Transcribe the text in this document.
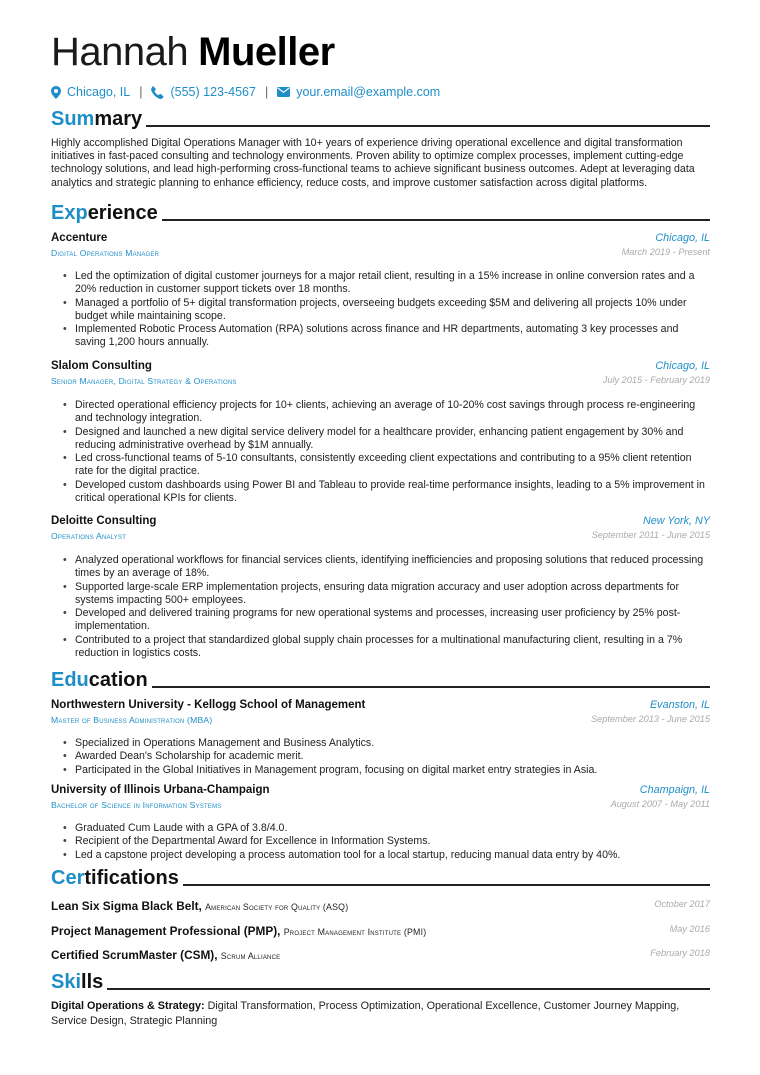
Hannah Mueller
Chicago, IL | (555) 123-4567 | your.email@example.com
Summary
Highly accomplished Digital Operations Manager with 10+ years of experience driving operational excellence and digital transformation initiatives in fast-paced consulting and technology environments. Proven ability to optimize complex processes, implement cutting-edge technology solutions, and lead high-performing cross-functional teams to achieve significant business outcomes. Adept at leveraging data analytics and strategic planning to enhance efficiency, reduce costs, and improve customer satisfaction across digital platforms.
Experience
Accenture	Chicago, IL
Digital Operations Manager	March 2019 - Present
• Led the optimization of digital customer journeys for a major retail client, resulting in a 15% increase in online conversion rates and a 20% reduction in customer support tickets over 18 months.
• Managed a portfolio of 5+ digital transformation projects, overseeing budgets exceeding $5M and delivering all projects 10% under budget while maintaining scope.
• Implemented Robotic Process Automation (RPA) solutions across finance and HR departments, automating 3 key processes and saving 1,200 hours annually.
Slalom Consulting	Chicago, IL
Senior Manager, Digital Strategy & Operations	July 2015 - February 2019
• Directed operational efficiency projects for 10+ clients, achieving an average of 10-20% cost savings through process re-engineering and technology integration.
• Designed and launched a new digital service delivery model for a healthcare provider, enhancing patient engagement by 30% and reducing administrative overhead by $1M annually.
• Led cross-functional teams of 5-10 consultants, consistently exceeding client expectations and contributing to a 95% client retention rate for the digital practice.
• Developed custom dashboards using Power BI and Tableau to provide real-time performance insights, leading to a 5% improvement in critical operational KPIs for clients.
Deloitte Consulting	New York, NY
Operations Analyst	September 2011 - June 2015
• Analyzed operational workflows for financial services clients, identifying inefficiencies and proposing solutions that reduced processing times by an average of 18%.
• Supported large-scale ERP implementation projects, ensuring data migration accuracy and user adoption across departments for systems impacting 500+ employees.
• Developed and delivered training programs for new operational systems and processes, increasing user proficiency by 25% post-implementation.
• Contributed to a project that standardized global supply chain processes for a multinational manufacturing client, resulting in a 7% reduction in logistics costs.
Education
Northwestern University - Kellogg School of Management	Evanston, IL
Master of Business Administration (MBA)	September 2013 - June 2015
• Specialized in Operations Management and Business Analytics.
• Awarded Dean's Scholarship for academic merit.
• Participated in the Global Initiatives in Management program, focusing on digital market entry strategies in Asia.
University of Illinois Urbana-Champaign	Champaign, IL
Bachelor of Science in Information Systems	August 2007 - May 2011
• Graduated Cum Laude with a GPA of 3.8/4.0.
• Recipient of the Departmental Award for Excellence in Information Systems.
• Led a capstone project developing a process automation tool for a local startup, reducing manual data entry by 40%.
Certifications
Lean Six Sigma Black Belt, American Society for Quality (ASQ)	October 2017
Project Management Professional (PMP), Project Management Institute (PMI)	May 2016
Certified ScrumMaster (CSM), Scrum Alliance	February 2018
Skills
Digital Operations & Strategy: Digital Transformation, Process Optimization, Operational Excellence, Customer Journey Mapping, Service Design, Strategic Planning
